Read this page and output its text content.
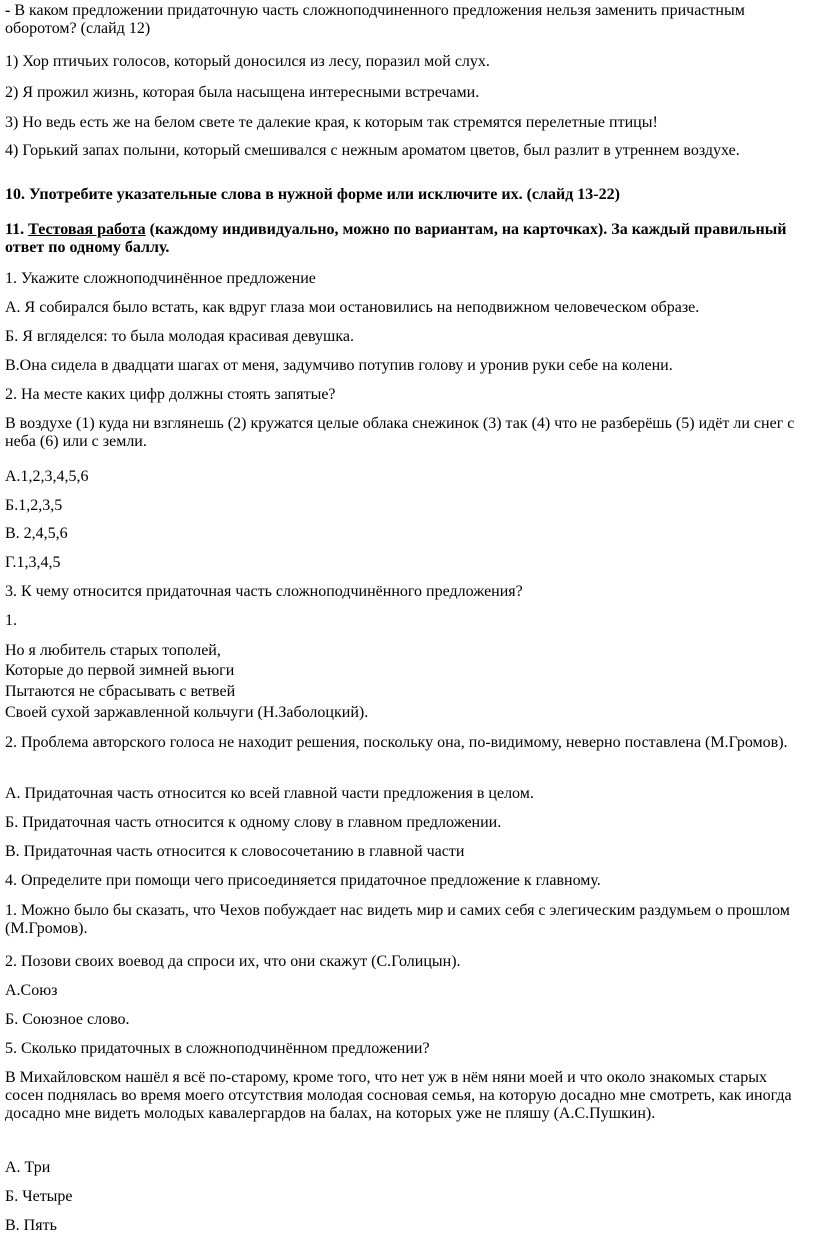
- В каком предложении придаточную часть сложноподчиненного предложения нельзя заменить причастным оборотом? (слайд 12)

1) Хор птичьих голосов, который доносился из лесу, поразил мой слух.

2) Я прожил жизнь, которая была насыщена интересными встречами.

3) Но ведь есть же на белом свете те далекие края, к которым так стремятся перелетные птицы!

4) Горький запах полыни, который смешивался с нежным ароматом цветов, был разлит в утреннем воздухе.

10. Употребите указательные слова в нужной форме или исключите их. (слайд 13-22)

11. Тестовая работа (каждому индивидуально, можно по вариантам, на карточках). За каждый правильный ответ по одному баллу.

1. Укажите сложноподчинённое предложение

А. Я собирался было встать, как вдруг глаза мои остановились на неподвижном человеческом образе.

Б. Я вгляделся: то была молодая красивая девушка.

В.Она сидела в двадцати шагах от меня, задумчиво потупив голову и уронив руки себе на колени.

2. На месте каких цифр должны стоять запятые?

В воздухе (1) куда ни взглянешь (2) кружатся целые облака снежинок (3) так (4) что не разберёшь (5) идёт ли снег с неба (6) или с земли.

А.1,2,3,4,5,6

Б.1,2,3,5

В. 2,4,5,6

Г.1,3,4,5

3. К чему относится придаточная часть сложноподчинённого предложения?

1.

Но я любитель старых тополей,

Которые до первой зимней вьюги

Пытаются не сбрасывать с ветвей

Своей сухой заржавленной кольчуги (Н.Заболоцкий).

2. Проблема авторского голоса не находит решения, поскольку она, по-видимому, неверно поставлена (М.Громов).

А. Придаточная часть относится ко всей главной части предложения в целом.

Б. Придаточная часть относится к одному слову в главном предложении.

В. Придаточная часть относится к словосочетанию в главной части

4. Определите при помощи чего присоединяется придаточное предложение к главному.

1. Можно было бы сказать, что Чехов побуждает нас видеть мир и самих себя с элегическим раздумьем о прошлом (М.Громов).

2. Позови своих воевод да спроси их, что они скажут (С.Голицын).

А.Союз

Б. Союзное слово.

5. Сколько придаточных в сложноподчинённом предложении?

В Михайловском нашёл я всё по-старому, кроме того, что нет уж в нём няни моей и что около знакомых старых сосен поднялась во время моего отсутствия молодая сосновая семья, на которую досадно мне смотреть, как иногда досадно мне видеть молодых кавалергардов на балах, на которых уже не пляшу (А.С.Пушкин).

А. Три

Б. Четыре

В. Пять
